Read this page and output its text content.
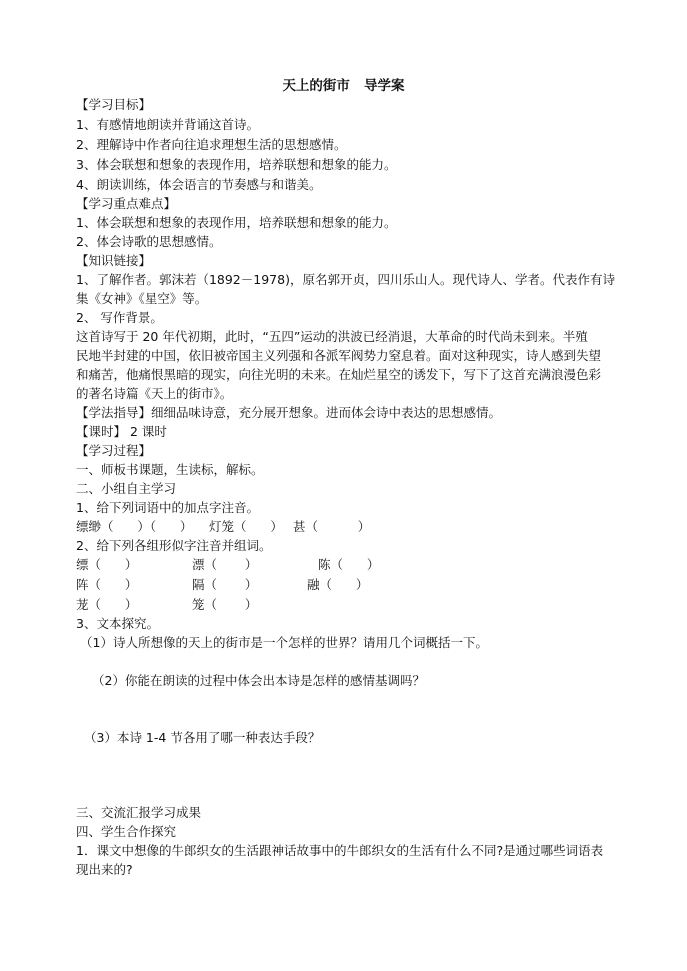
天上的街市   导学案
【学习目标】
1、有感情地朗读并背诵这首诗。
2、理解诗中作者向往追求理想生活的思想感情。
3、体会联想和想象的表现作用，培养联想和想象的能力。
4、朗读训练，体会语言的节奏感与和谐美。
【学习重点难点】
1、体会联想和想象的表现作用，培养联想和想象的能力。
2、体会诗歌的思想感情。
【知识链接】
1、了解作者。郭沫若（1892－1978)，原名郭开贞，四川乐山人。现代诗人、学者。代表作有诗
集《女神》《星空》等。
2、 写作背景。
这首诗写于 20 年代初期，此时，“五四”运动的洪波已经消退，大革命的时代尚未到来。半殖
民地半封建的中国，依旧被帝国主义列强和各派军阀势力窒息着。面对这种现实，诗人感到失望
和痛苦，他痛恨黑暗的现实，向往光明的未来。在灿烂星空的诱发下，写下了这首充满浪漫色彩
的著名诗篇《天上的街市》。
【学法指导】细细品味诗意，充分展开想象。进而体会诗中表达的思想感情。
【课时】 2 课时
【学习过程】
一、师板书课题，生读标，解标。
二、小组自主学习
1、给下列词语中的加点字注音。
缥缈（      ）（      ） 灯笼（      ） 甚（          ）
2、给下列各组形似字注音并组词。
缥（      ）	漂（       ）	陈（      ）
阵（      ）	隔（       ）	融（      ）
茏（      ）	笼（       ）
3、文本探究。
（1）诗人所想像的天上的街市是一个怎样的世界？请用几个词概括一下。
（2）你能在朗读的过程中体会出本诗是怎样的感情基调吗？
（3）本诗 1-4 节各用了哪一种表达手段？
三、交流汇报学习成果
四、学生合作探究
1．课文中想像的牛郎织女的生活跟神话故事中的牛郎织女的生活有什么不同?是通过哪些词语表
现出来的?
